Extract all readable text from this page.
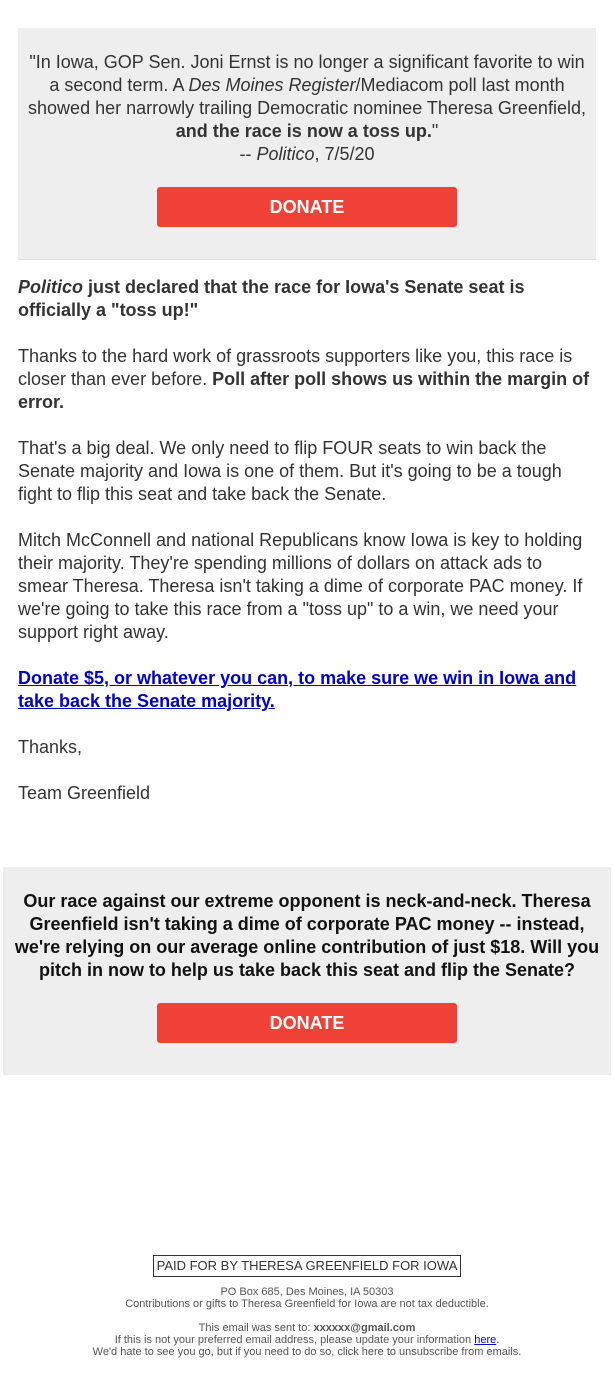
"In Iowa, GOP Sen. Joni Ernst is no longer a significant favorite to win a second term. A Des Moines Register/Mediacom poll last month showed her narrowly trailing Democratic nominee Theresa Greenfield, and the race is now a toss up."
-- Politico, 7/5/20
DONATE

Politico just declared that the race for Iowa's Senate seat is officially a "toss up!"

Thanks to the hard work of grassroots supporters like you, this race is closer than ever before. Poll after poll shows us within the margin of error.

That's a big deal. We only need to flip FOUR seats to win back the Senate majority and Iowa is one of them. But it's going to be a tough fight to flip this seat and take back the Senate.

Mitch McConnell and national Republicans know Iowa is key to holding their majority. They're spending millions of dollars on attack ads to smear Theresa. Theresa isn't taking a dime of corporate PAC money. If we're going to take this race from a "toss up" to a win, we need your support right away.

Donate $5, or whatever you can, to make sure we win in Iowa and take back the Senate majority.

Thanks,

Team Greenfield

Our race against our extreme opponent is neck-and-neck. Theresa Greenfield isn't taking a dime of corporate PAC money -- instead, we're relying on our average online contribution of just $18. Will you pitch in now to help us take back this seat and flip the Senate?
DONATE
PAID FOR BY THERESA GREENFIELD FOR IOWA
PO Box 685, Des Moines, IA 50303
Contributions or gifts to Theresa Greenfield for Iowa are not tax deductible.
This email was sent to: xxxxxx@gmail.com
If this is not your preferred email address, please update your information here.
We'd hate to see you go, but if you need to do so, click here to unsubscribe from emails.
